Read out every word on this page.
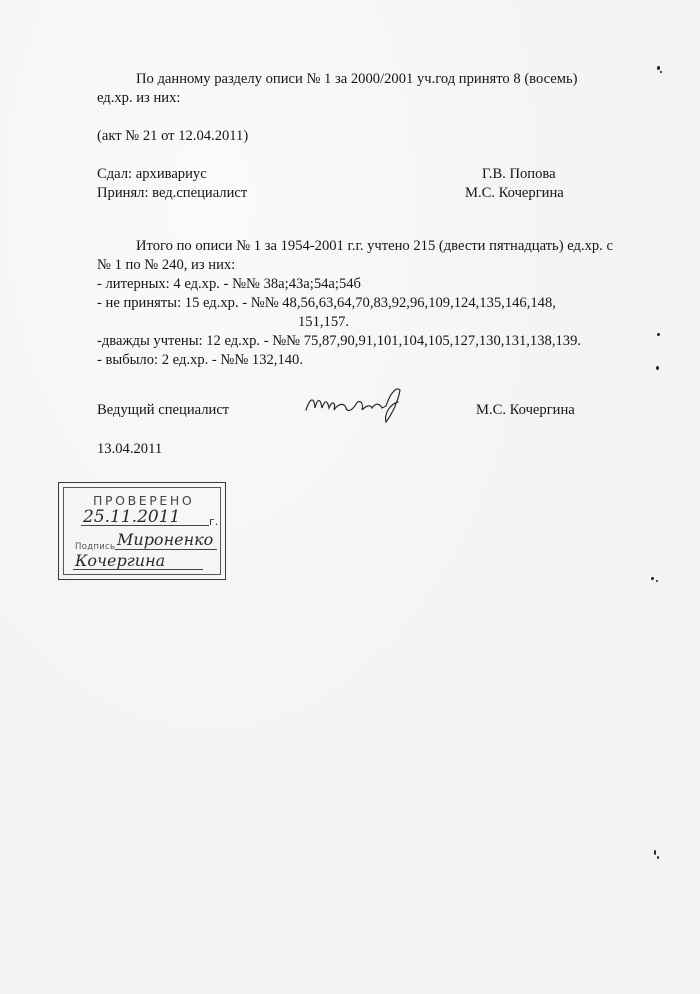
По данному разделу описи № 1 за 2000/2001 уч.год принято 8 (восемь)
ед.хр. из них:
(акт № 21 от 12.04.2011)
Сдал: архивариус	Г.В. Попова
Принял: вед.специалист	М.С. Кочергина
Итого по описи № 1 за 1954-2001 г.г. учтено 215 (двести пятнадцать) ед.хр. с
№ 1 по № 240, из них:
- литерных: 4 ед.хр. - №№ 38а;43а;54а;54б
- не приняты: 15 ед.хр. - №№ 48,56,63,64,70,83,92,96,109,124,135,146,148,
151,157.
-дважды учтены: 12 ед.хр. - №№ 75,87,90,91,101,104,105,127,130,131,138,139.
- выбыло: 2 ед.хр. - №№ 132,140.
Ведущий специалист	М.С. Кочергина
13.04.2011
ПРОВЕРЕНО
25.11.2011	г.
Подпись Мироненко
Кочергина
